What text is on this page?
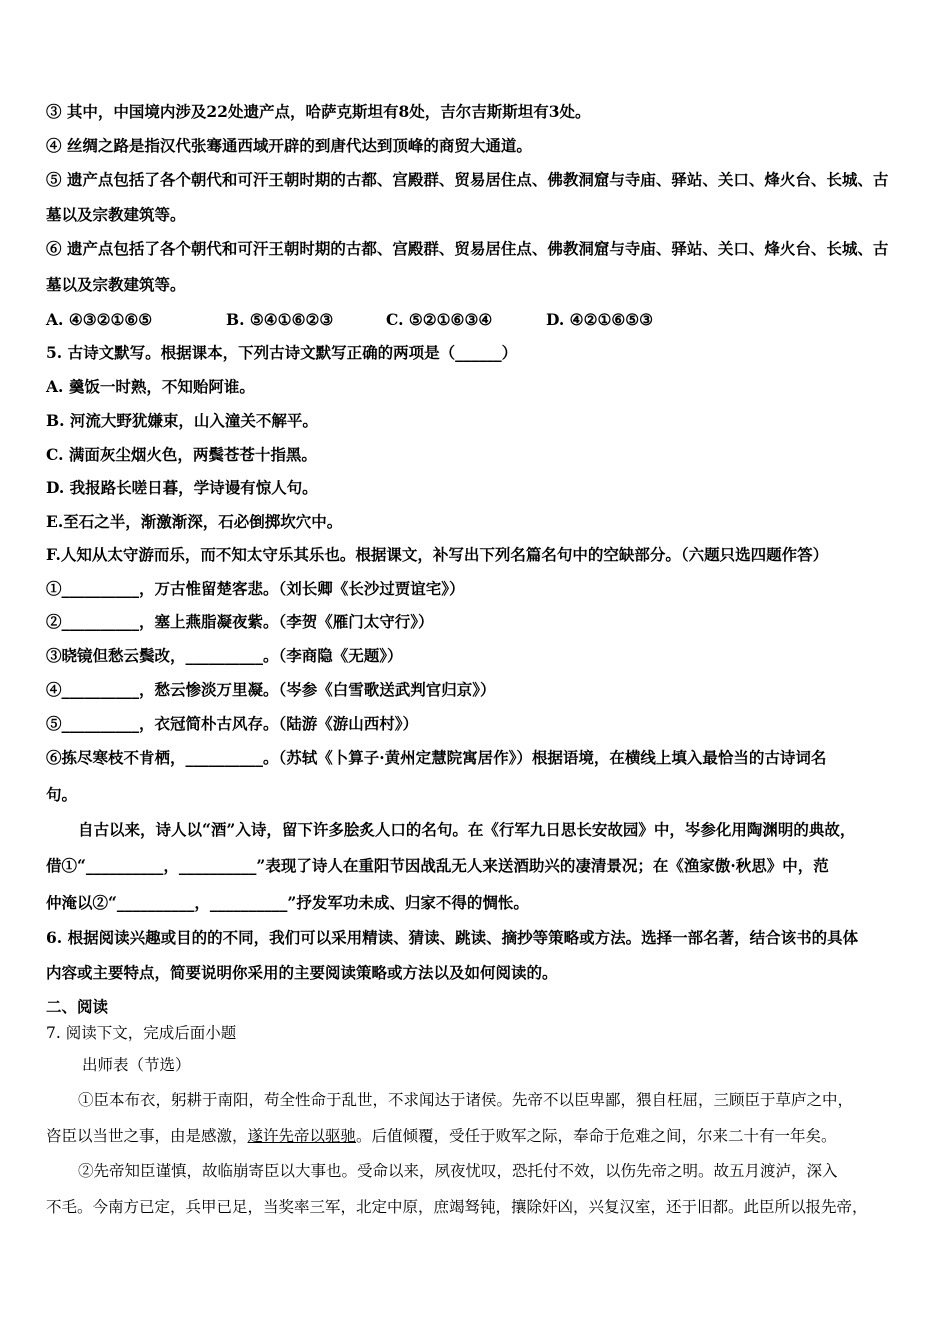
③ 其中，中国境内涉及22处遗产点，哈萨克斯坦有8处，吉尔吉斯斯坦有3处。
④ 丝绸之路是指汉代张骞通西域开辟的到唐代达到顶峰的商贸大通道。
⑤ 遗产点包括了各个朝代和可汗王朝时期的古都、宫殿群、贸易居住点、佛教洞窟与寺庙、驿站、关口、烽火台、长城、古
墓以及宗教建筑等。
⑥ 遗产点包括了各个朝代和可汗王朝时期的古都、宫殿群、贸易居住点、佛教洞窟与寺庙、驿站、关口、烽火台、长城、古
墓以及宗教建筑等。
A. ④③②①⑥⑤	B. ⑤④①⑥②③	C. ⑤②①⑥③④	D. ④②①⑥⑤③
5. 古诗文默写。根据课本，下列古诗文默写正确的两项是（______）
A. 羹饭一时熟，不知贻阿谁。
B. 河流大野犹嫌束，山入潼关不解平。
C. 满面灰尘烟火色，两鬓苍苍十指黑。
D. 我报路长嗟日暮，学诗谩有惊人句。
E.至石之半，渐激渐深，石必倒掷坎穴中。
F.人知从太守游而乐，而不知太守乐其乐也。根据课文，补写出下列名篇名句中的空缺部分。（六题只选四题作答）
①__________，万古惟留楚客悲。（刘长卿《长沙过贾谊宅》）
②__________，塞上燕脂凝夜紫。（李贺《雁门太守行》）
③晓镜但愁云鬓改，__________。（李商隐《无题》）
④__________，愁云惨淡万里凝。（岑参《白雪歌送武判官归京》）
⑤__________，衣冠简朴古风存。（陆游《游山西村》）
⑥拣尽寒枝不肯栖，__________。（苏轼《卜算子·黄州定慧院寓居作》）根据语境，在横线上填入最恰当的古诗词名
句。
自古以来，诗人以“酒”入诗，留下许多脍炙人口的名句。在《行军九日思长安故园》中，岑参化用陶渊明的典故，
借①“__________，__________”表现了诗人在重阳节因战乱无人来送酒助兴的凄清景况；在《渔家傲·秋思》中，范
仲淹以②“__________，__________”抒发军功未成、归家不得的惆怅。
6. 根据阅读兴趣或目的的不同，我们可以采用精读、猜读、跳读、摘抄等策略或方法。选择一部名著，结合该书的具体
内容或主要特点，简要说明你采用的主要阅读策略或方法以及如何阅读的。
二、阅读
7. 阅读下文，完成后面小题
出师表（节选）
①臣本布衣，躬耕于南阳，苟全性命于乱世，不求闻达于诸侯。先帝不以臣卑鄙，猥自枉屈，三顾臣于草庐之中，
咨臣以当世之事，由是感激，遂许先帝以驱驰。后值倾覆，受任于败军之际，奉命于危难之间，尔来二十有一年矣。
②先帝知臣谨慎，故临崩寄臣以大事也。受命以来，夙夜忧叹，恐托付不效，以伤先帝之明。故五月渡泸，深入
不毛。今南方已定，兵甲已足，当奖率三军，北定中原，庶竭驽钝，攘除奸凶，兴复汉室，还于旧都。此臣所以报先帝，
